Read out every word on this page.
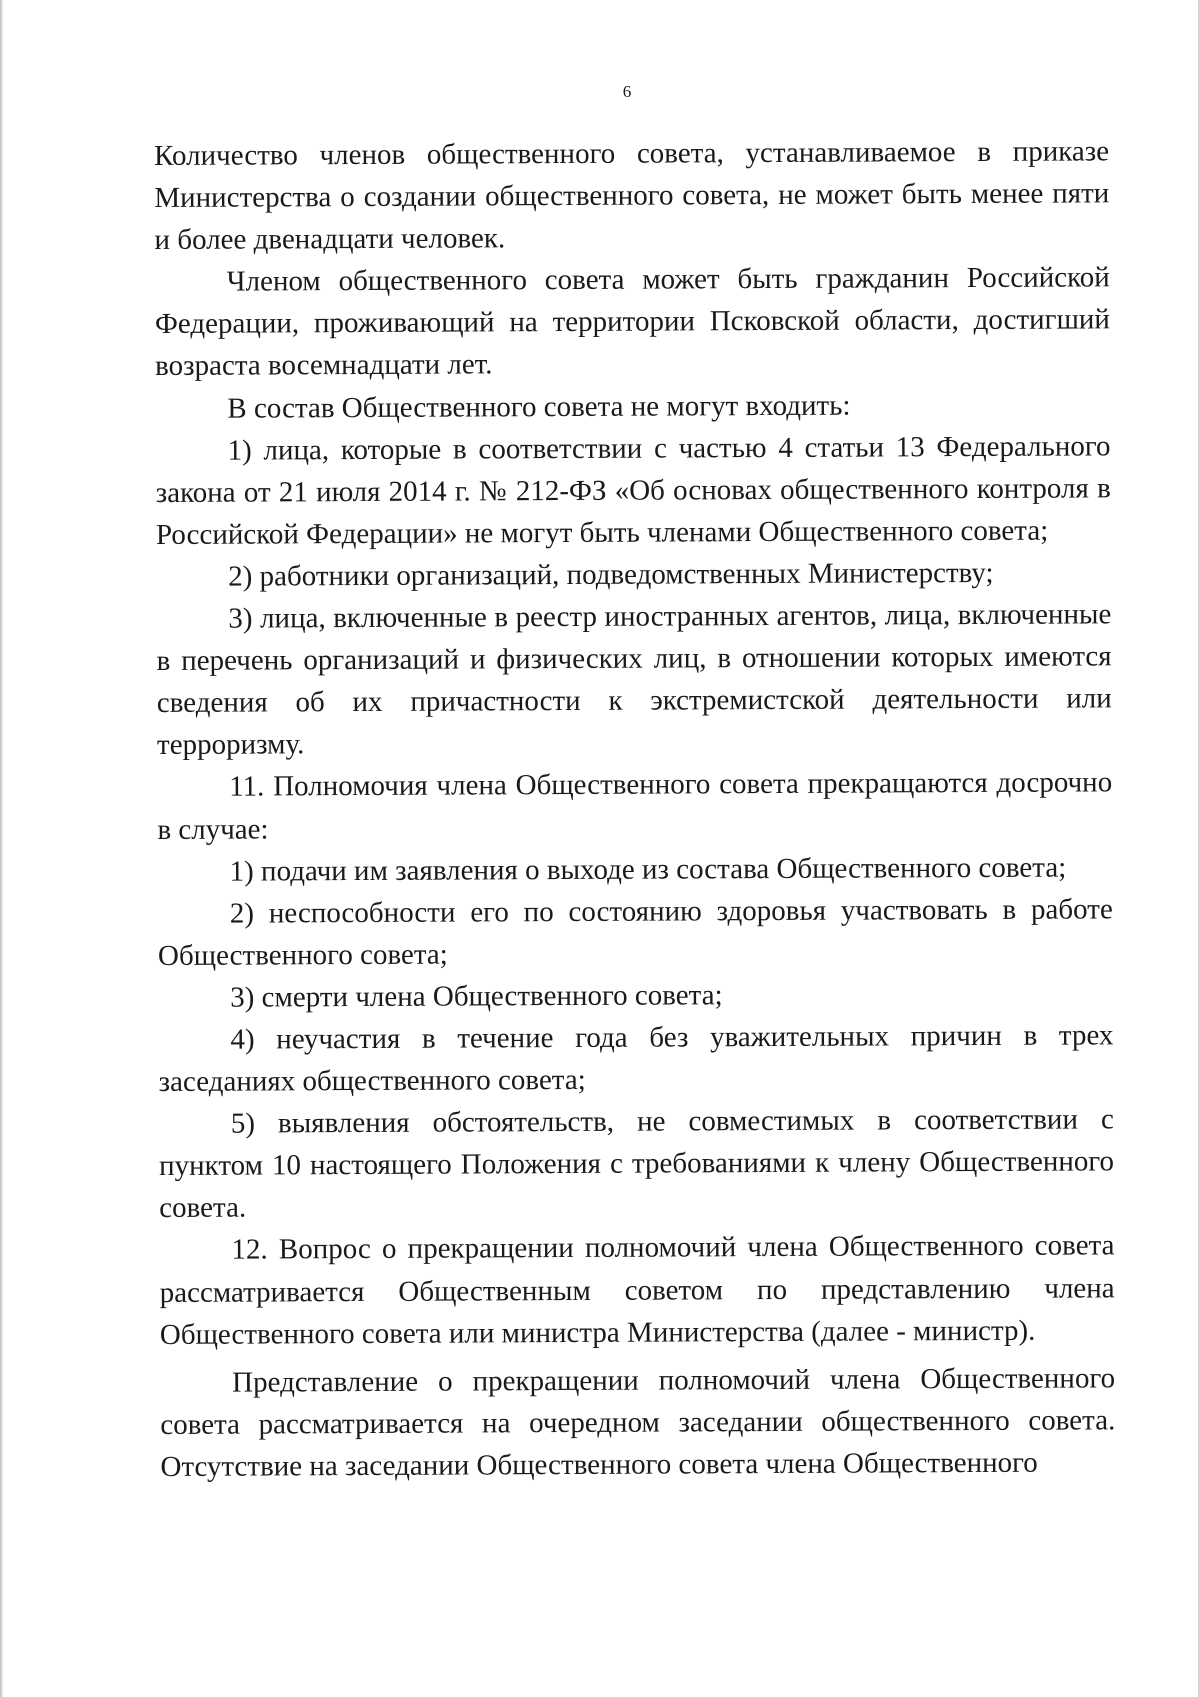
6

Количество членов общественного совета, устанавливаемое в приказе Министерства о создании общественного совета, не может быть менее пяти и более двенадцати человек.

Членом общественного совета может быть гражданин Российской Федерации, проживающий на территории Псковской области, достигший возраста восемнадцати лет.

В состав Общественного совета не могут входить:

1) лица, которые в соответствии с частью 4 статьи 13 Федерального закона от 21 июля 2014 г. № 212-ФЗ «Об основах общественного контроля в Российской Федерации» не могут быть членами Общественного совета;

2) работники организаций, подведомственных Министерству;

3) лица, включенные в реестр иностранных агентов, лица, включенные в перечень организаций и физических лиц, в отношении которых имеются сведения об их причастности к экстремистской деятельности или терроризму.

11. Полномочия члена Общественного совета прекращаются досрочно в случае:

1) подачи им заявления о выходе из состава Общественного совета;

2) неспособности его по состоянию здоровья участвовать в работе Общественного совета;

3) смерти члена Общественного совета;

4) неучастия в течение года без уважительных причин в трех заседаниях общественного совета;

5) выявления обстоятельств, не совместимых в соответствии с пунктом 10 настоящего Положения с требованиями к члену Общественного совета.

12. Вопрос о прекращении полномочий члена Общественного совета рассматривается Общественным советом по представлению члена Общественного совета или министра Министерства (далее - министр).

Представление о прекращении полномочий члена Общественного совета рассматривается на очередном заседании общественного совета. Отсутствие на заседании Общественного совета члена Общественного
